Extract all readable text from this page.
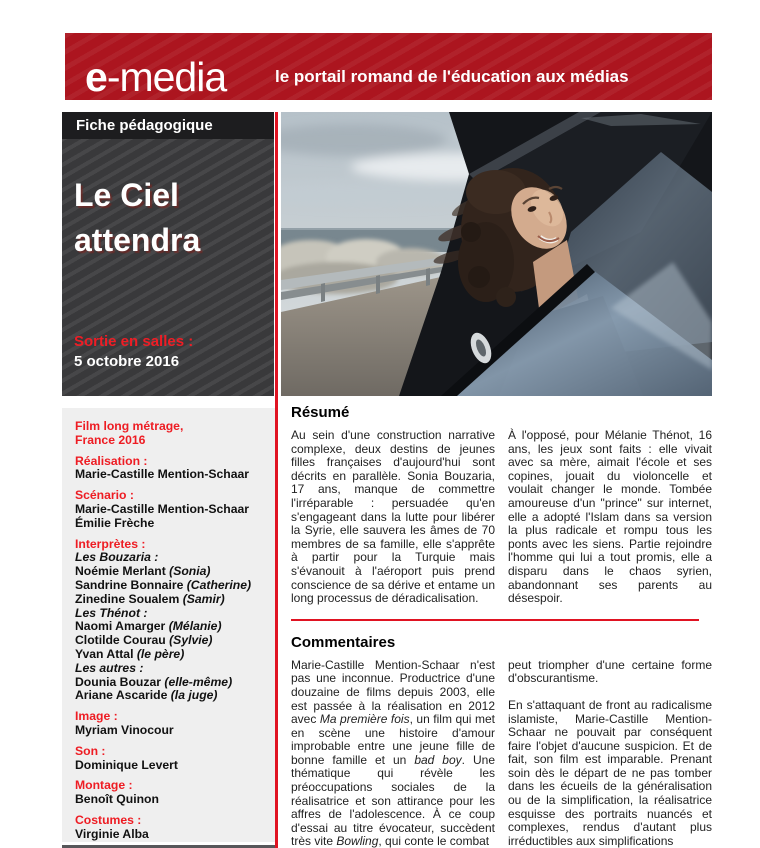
e-media	le portail romand de l'éducation aux médias
Fiche pédagogique
Le Ciel
attendra
Sortie en salles :
5 octobre 2016
Film long métrage,
France 2016
Réalisation :
Marie-Castille Mention-Schaar
Scénario :
Marie-Castille Mention-Schaar
Émilie Frèche
Interprètes :
Les Bouzaria :
Noémie Merlant (Sonia)
Sandrine Bonnaire (Catherine)
Zinedine Soualem (Samir)
Les Thénot :
Naomi Amarger (Mélanie)
Clotilde Courau (Sylvie)
Yvan Attal (le père)
Les autres :
Dounia Bouzar (elle-même)
Ariane Ascaride (la juge)
Image :
Myriam Vinocour
Son :
Dominique Levert
Montage :
Benoît Quinon
Costumes :
Virginie Alba
Résumé

Au sein d'une construction narrative complexe, deux destins de jeunes filles françaises d'aujourd'hui sont décrits en parallèle. Sonia Bouzaria, 17 ans, manque de commettre l'irréparable : persuadée qu'en s'engageant dans la lutte pour libérer la Syrie, elle sauvera les âmes de 70 membres de sa famille, elle s'apprête à partir pour la Turquie mais s'évanouit à l'aéroport puis prend conscience de sa dérive et entame un long processus de déradicalisation.

À l'opposé, pour Mélanie Thénot, 16 ans, les jeux sont faits : elle vivait avec sa mère, aimait l'école et ses copines, jouait du violoncelle et voulait changer le monde. Tombée amoureuse d'un "prince" sur internet, elle a adopté l'Islam dans sa version la plus radicale et rompu tous les ponts avec les siens. Partie rejoindre l'homme qui lui a tout promis, elle a disparu dans le chaos syrien, abandonnant ses parents au désespoir.

Commentaires

Marie-Castille Mention-Schaar n'est pas une inconnue. Productrice d'une douzaine de films depuis 2003, elle est passée à la réalisation en 2012 avec Ma première fois, un film qui met en scène une histoire d'amour improbable entre une jeune fille de bonne famille et un bad boy. Une thématique qui révèle les préoccupations sociales de la réalisatrice et son attirance pour les affres de l'adolescence. À ce coup d'essai au titre évocateur, succèdent très vite Bowling, qui conte le combat

peut triompher d'une certaine forme d'obscurantisme.

En s'attaquant de front au radicalisme islamiste, Marie-Castille Mention-Schaar ne pouvait par conséquent faire l'objet d'aucune suspicion. Et de fait, son film est imparable. Prenant soin dès le départ de ne pas tomber dans les écueils de la généralisation ou de la simplification, la réalisatrice esquisse des portraits nuancés et complexes, rendus d'autant plus irréductibles aux simplifications
